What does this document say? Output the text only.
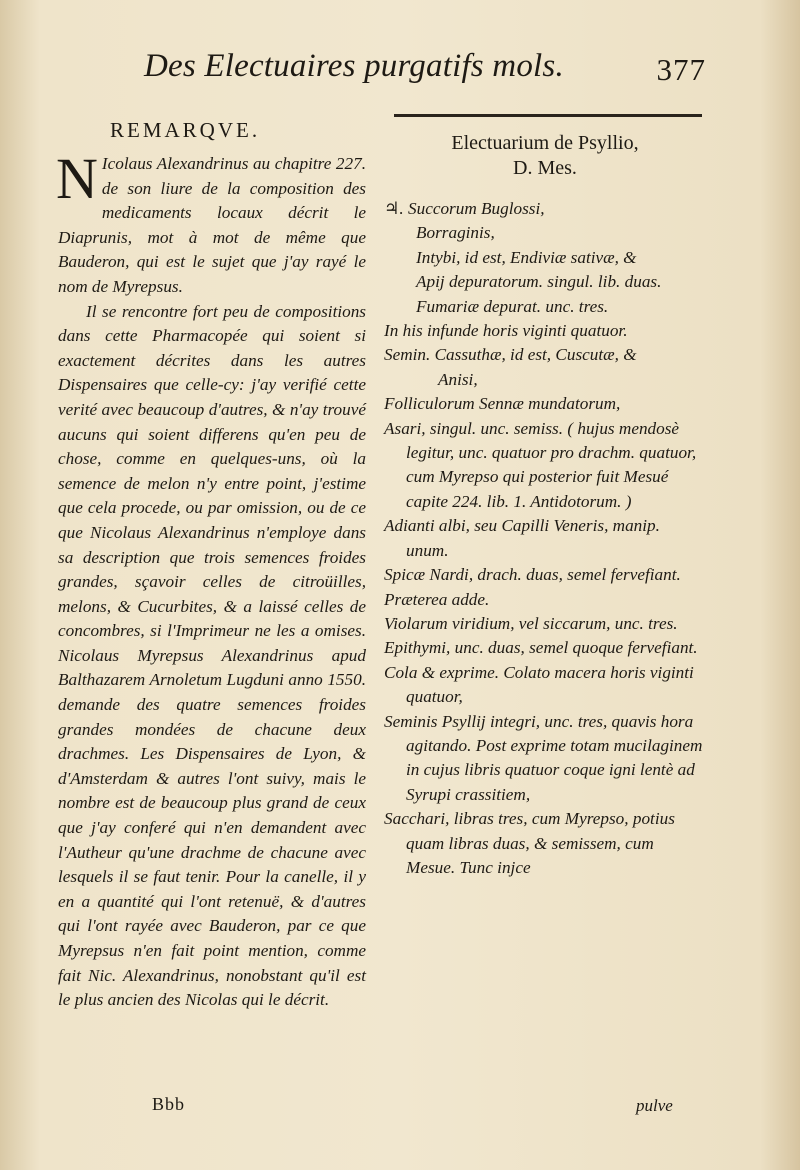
Des Electuaires purgatifs mols.	377
REMARQVE.

N Icolaus Alexandrinus au chapitre 227. de son liure de la composition des medicaments locaux décrit le Diaprunis, mot à mot de même que Bauderon, qui est le sujet que j'ay rayé le nom de Myrepsus.

Il se rencontre fort peu de compositions dans cette Pharmacopée qui soient si exactement décrites dans les autres Dispensaires que celle-cy: j'ay verifié cette verité avec beaucoup d'autres, & n'ay trouvé aucuns qui soient differens qu'en peu de chose, comme en quelques-uns, où la semence de melon n'y entre point, j'estime que cela procede, ou par omission, ou de ce que Nicolaus Alexandrinus n'employe dans sa description que trois semences froides grandes, sçavoir celles de citroüilles, melons, & Cucurbites, & a laissé celles de concombres, si l'Imprimeur ne les a omises. Nicolaus Myrepsus Alexandrinus apud Balthazarem Arnoletum Lugduni anno 1550. demande des quatre semences froides grandes mondées de chacune deux drachmes. Les Dispensaires de Lyon, & d'Amsterdam & autres l'ont suivy, mais le nombre est de beaucoup plus grand de ceux que j'ay conferé qui n'en demandent avec l'Autheur qu'une drachme de chacune avec lesquels il se faut tenir. Pour la canelle, il y en a quantité qui l'ont retenuë, & d'autres qui l'ont rayée avec Bauderon, par ce que Myrepsus n'en fait point mention, comme fait Nic. Alexandrinus, nonobstant qu'il est le plus ancien des Nicolas qui le décrit.

Electuarium de Psyllio,
D. Mes.

♃. Succorum Buglossi,

Borraginis,

Intybi, id est, Endiviæ sativæ, &

Apij depuratorum. singul. lib. duas.

Fumariæ depurat. unc. tres.

In his infunde horis viginti quatuor.

Semin. Cassuthæ, id est, Cuscutæ, &

Anisi,

Folliculorum Sennæ mundatorum,

Asari, singul. unc. semiss. ( hujus mendosè legitur, unc. quatuor pro drachm. quatuor, cum Myrepso qui posterior fuit Mesué capite 224. lib. 1. Antidotorum. )

Adianti albi, seu Capilli Veneris, manip. unum.

Spicæ Nardi, drach. duas, semel fervefiant.

Præterea adde.

Violarum viridium, vel siccarum, unc. tres.

Epithymi, unc. duas, semel quoque fervefiant.

Cola & exprime. Colato macera horis viginti quatuor,

Seminis Psyllij integri, unc. tres, quavis hora agitando. Post exprime totam mucilaginem in cujus libris quatuor coque igni lentè ad Syrupi crassitiem,

Sacchari, libras tres, cum Myrepso, potius quam libras duas, & semissem, cum Mesue. Tunc injce

Bbb	pulve
